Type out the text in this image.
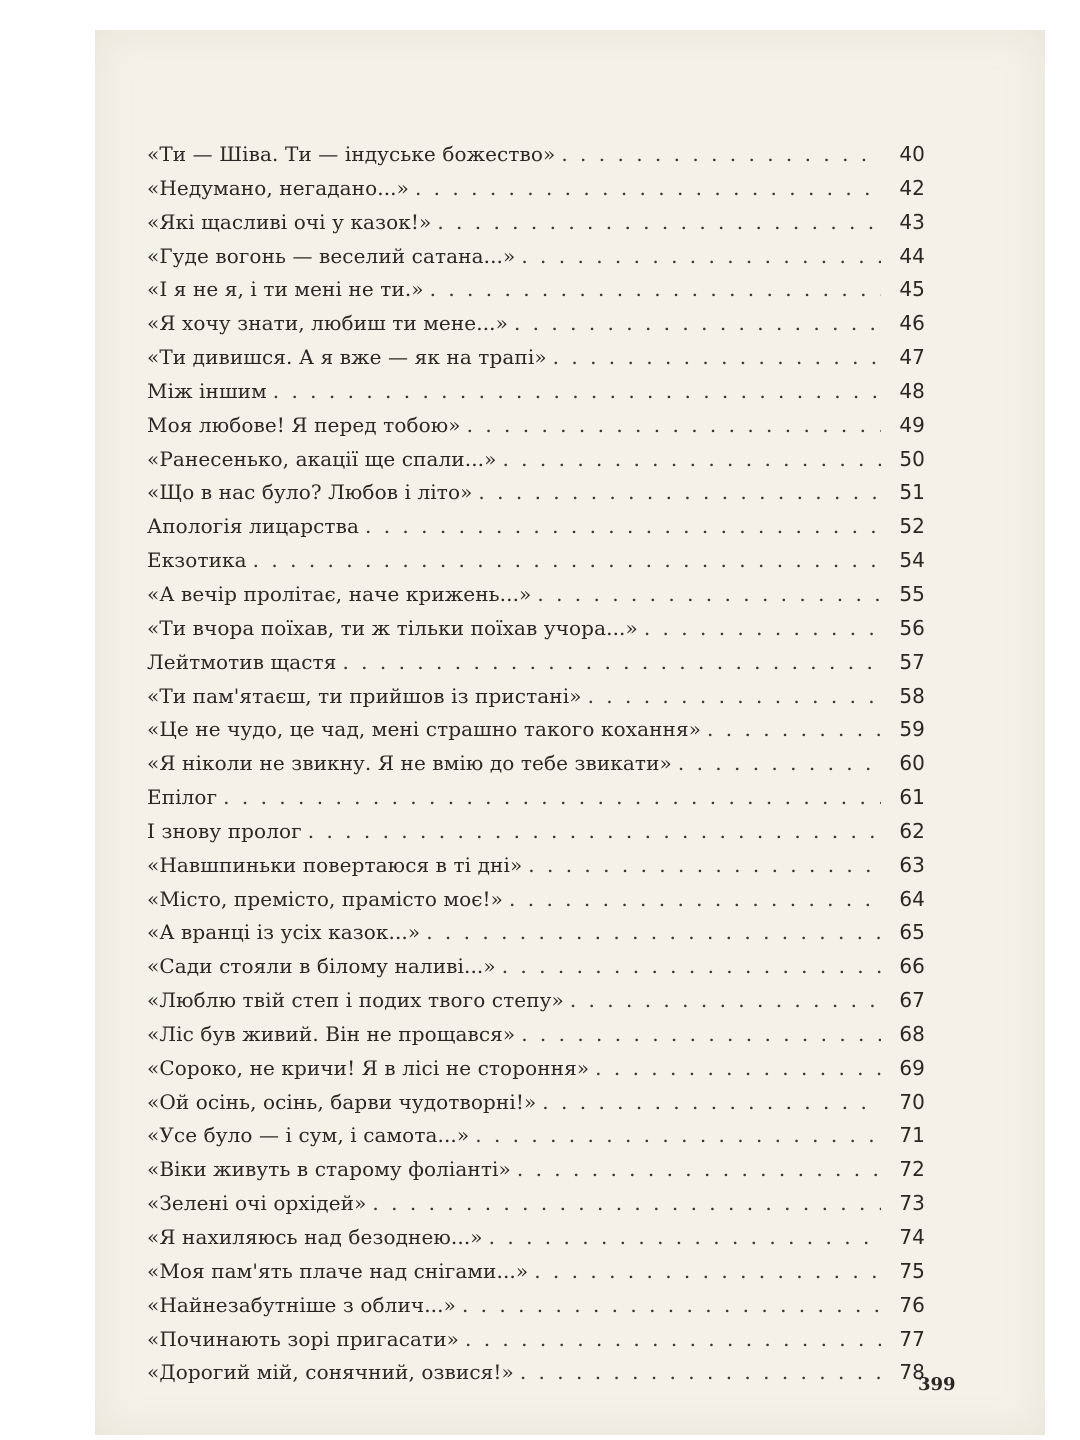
«Ти — Шіва. Ти — індуське божество» . . .	40
«Недумано, негадано...» . . .	42
«Які щасливі очі у казок!» . . .	43
«Гуде вогонь — веселий сатана...» . . .	44
«І я не я, і ти мені не ти.» . . .	45
«Я хочу знати, любиш ти мене...» . . .	46
«Ти дивишся. А я вже — як на трапі» . . .	47
Між іншим . . .	48
Моя любове! Я перед тобою» . . .	49
«Ранесенько, акації ще спали...» . . .	50
«Що в нас було? Любов і літо» . . .	51
Апологія лицарства . . .	52
Екзотика . . .	54
«А вечір пролітає, наче крижень...» . . .	55
«Ти вчора поїхав, ти ж тільки поїхав учора...» . . .	56
Лейтмотив щастя . . .	57
«Ти пам'ятаєш, ти прийшов із пристані» . . .	58
«Це не чудо, це чад, мені страшно такого кохання» . . .	59
«Я ніколи не звикну. Я не вмію до тебе звикати» . . .	60
Епілог . . .	61
І знову пролог . . .	62
«Навшпиньки повертаюся в ті дні» . . .	63
«Місто, премісто, прамісто моє!» . . .	64
«А вранці із усіх казок...» . . .	65
«Сади стояли в білому наливі...» . . .	66
«Люблю твій степ і подих твого степу» . . .	67
«Ліс був живий. Він не прощався» . . .	68
«Сороко, не кричи! Я в лісі не стороння» . . .	69
«Ой осінь, осінь, барви чудотворні!» . . .	70
«Усе було — і сум, і самота...» . . .	71
«Віки живуть в старому фоліанті» . . .	72
«Зелені очі орхідей» . . .	73
«Я нахиляюсь над безоднею...» . . .	74
«Моя пам'ять плаче над снігами...» . . .	75
«Найнезабутніше з облич...» . . .	76
«Починають зорі пригасати» . . .	77
«Дорогий мій, сонячний, озвися!» . . .	78
399
